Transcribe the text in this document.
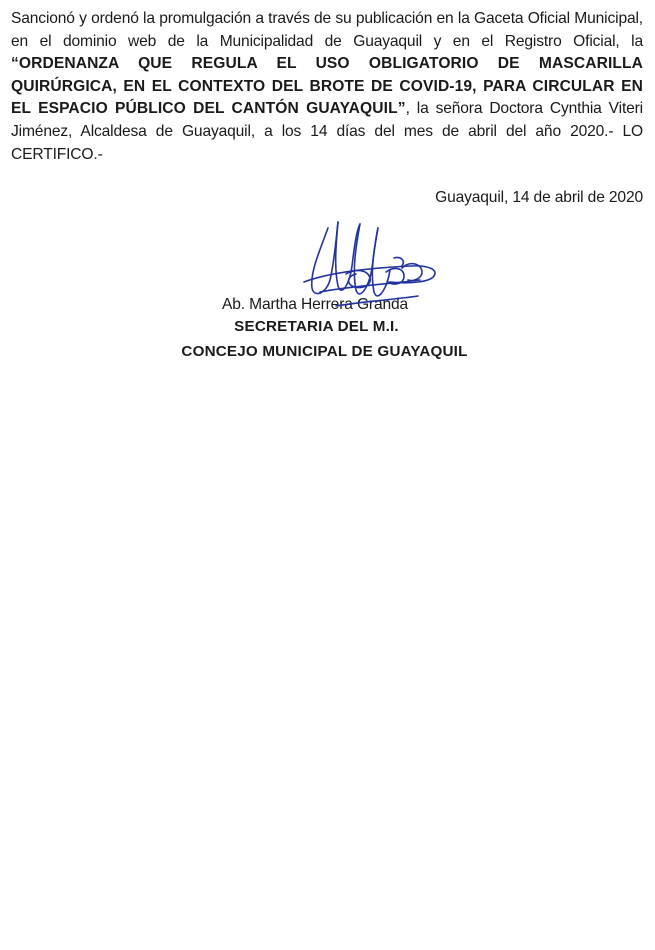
Sancionó y ordenó la promulgación a través de su publicación en la Gaceta Oficial Municipal, en el dominio web de la Municipalidad de Guayaquil y en el Registro Oficial, la “ORDENANZA QUE REGULA EL USO OBLIGATORIO DE MASCARILLA QUIRÚRGICA, EN EL CONTEXTO DEL BROTE DE COVID-19, PARA CIRCULAR EN EL ESPACIO PÚBLICO DEL CANTÓN GUAYAQUIL”, la señora Doctora Cynthia Viteri Jiménez, Alcaldesa de Guayaquil, a los 14 días del mes de abril del año 2020.- LO CERTIFICO.-

Guayaquil, 14 de abril de 2020
Ab. Martha Herrera Granda
SECRETARIA DEL M.I.
CONCEJO MUNICIPAL DE GUAYAQUIL
